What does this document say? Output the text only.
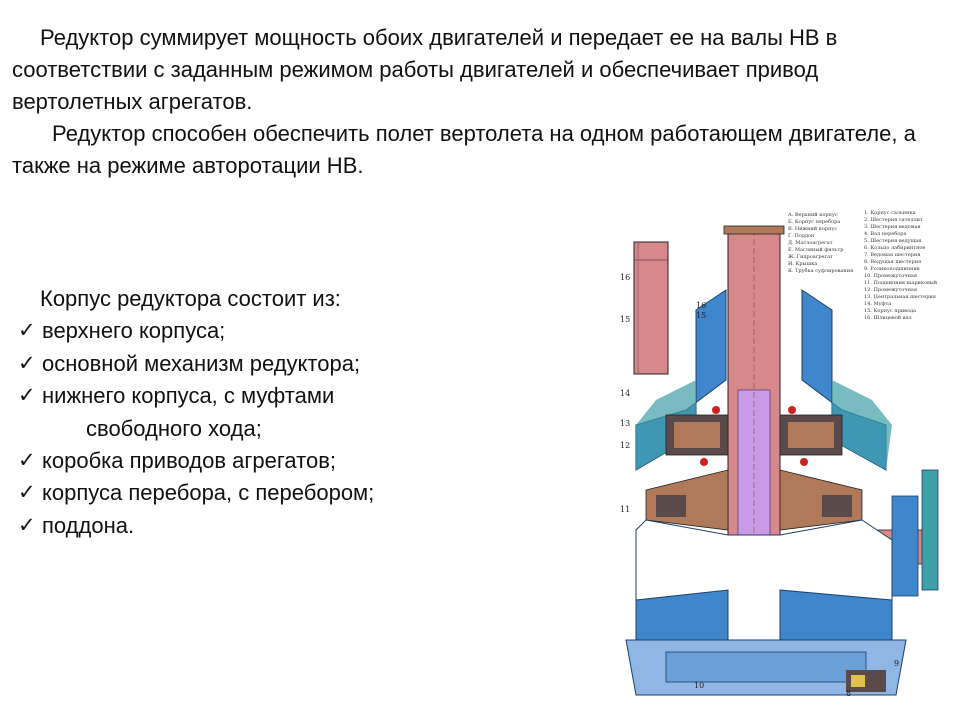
Редуктор суммирует мощность обоих двигателей и передает ее на валы НВ в соответствии с заданным режимом работы двигателей и обеспечивает привод вертолетных агрегатов.

Редуктор способен обеспечить полет вертолета на одном работающем двигателе, а также на режиме авторотации НВ.

Корпус редуктора состоит из:

✓ верхнего корпуса;
✓ основной механизм редуктора;
✓ нижнего корпуса, с муфтами
свободного хода;
✓ коробка приводов агрегатов;
✓ корпуса перебора, с перебором;
✓ поддона.
А. Верхний корпус
Б. Корпус перебора
В. Нижний корпус
Г. Поддон
Д. Маслоагрегат
Е. Масляный фильтр
Ж. Гидроагрегат
И. Крышка
К. Трубка суфлирования
1. Корпус сальника
2. Шестерня сателлит
3. Шестерня ведомая
4. Вал перебора
5. Шестерня ведущая
6. Кольцо лабиринтное
7. Ведомая шестерня
8. Ведущая шестерня
9. Роликоподшипник
10. Промежуточная
11. Подшипник шариковый
12. Промежуточная
13. Центральная шестерня
14. Муфта
15. Корпус привода
16. Шлицевой вал
16
16
15
15
14
13
12
11
10
9
8
